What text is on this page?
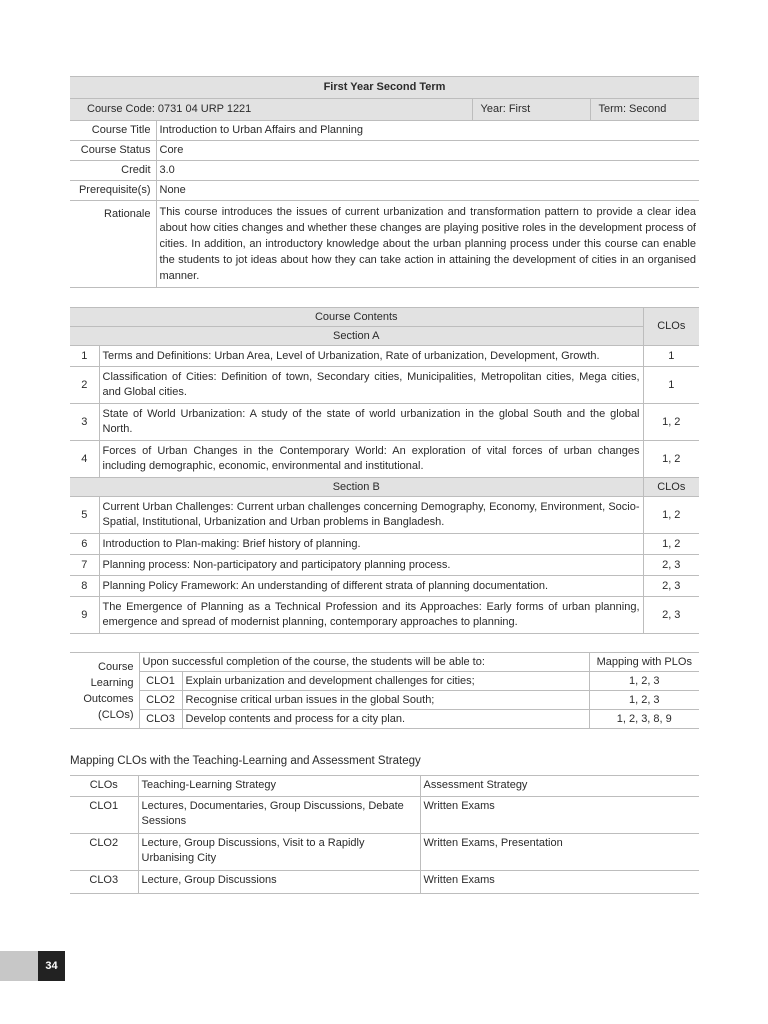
First Year Second Term			
Course Code: 0731 04 URP 1221		Year: First	Term: Second
Course Title	Introduction to Urban Affairs and Planning		
Course Status	Core		
Credit	3.0		
Prerequisite(s)	None		
Rationale	This course introduces the issues of current urbanization and transformation pattern to provide a clear idea about how cities changes and whether these changes are playing positive roles in the development process of cities. In addition, an introductory knowledge about the urban planning process under this course can enable the students to jot ideas about how they can take action in attaining the development of cities in an organised manner.		
Course Contents		CLOs
Section A		
1	Terms and Definitions: Urban Area, Level of Urbanization, Rate of urbanization, Development, Growth.	1
2	Classification of Cities: Definition of town, Secondary cities, Municipalities, Metropolitan cities, Mega cities, and Global cities.	1
3	State of World Urbanization: A study of the state of world urbanization in the global South and the global North.	1, 2
4	Forces of Urban Changes in the Contemporary World: An exploration of vital forces of urban changes including demographic, economic, environmental and institutional.	1, 2
Section B		CLOs
5	Current Urban Challenges: Current urban challenges concerning Demography, Economy, Environment, Socio-Spatial, Institutional, Urbanization and Urban problems in Bangladesh.	1, 2
6	Introduction to Plan-making: Brief history of planning.	1, 2
7	Planning process: Non-participatory and participatory planning process.	2, 3
8	Planning Policy Framework: An understanding of different strata of planning documentation.	2, 3
9	The Emergence of Planning as a Technical Profession and its Approaches: Early forms of urban planning, emergence and spread of modernist planning, contemporary approaches to planning.	2, 3
Course Learning Outcomes (CLOs)	Upon successful completion of the course, the students will be able to:		Mapping with PLOs
	CLO1	Explain urbanization and development challenges for cities;	1, 2, 3
	CLO2	Recognise critical urban issues in the global South;	1, 2, 3
	CLO3	Develop contents and process for a city plan.	1, 2, 3, 8, 9
Mapping CLOs with the Teaching-Learning and Assessment Strategy
CLOs	Teaching-Learning Strategy	Assessment Strategy
CLO1	Lectures, Documentaries, Group Discussions, Debate Sessions	Written Exams
CLO2	Lecture, Group Discussions, Visit to a Rapidly Urbanising City	Written Exams, Presentation
CLO3	Lecture, Group Discussions	Written Exams
34
